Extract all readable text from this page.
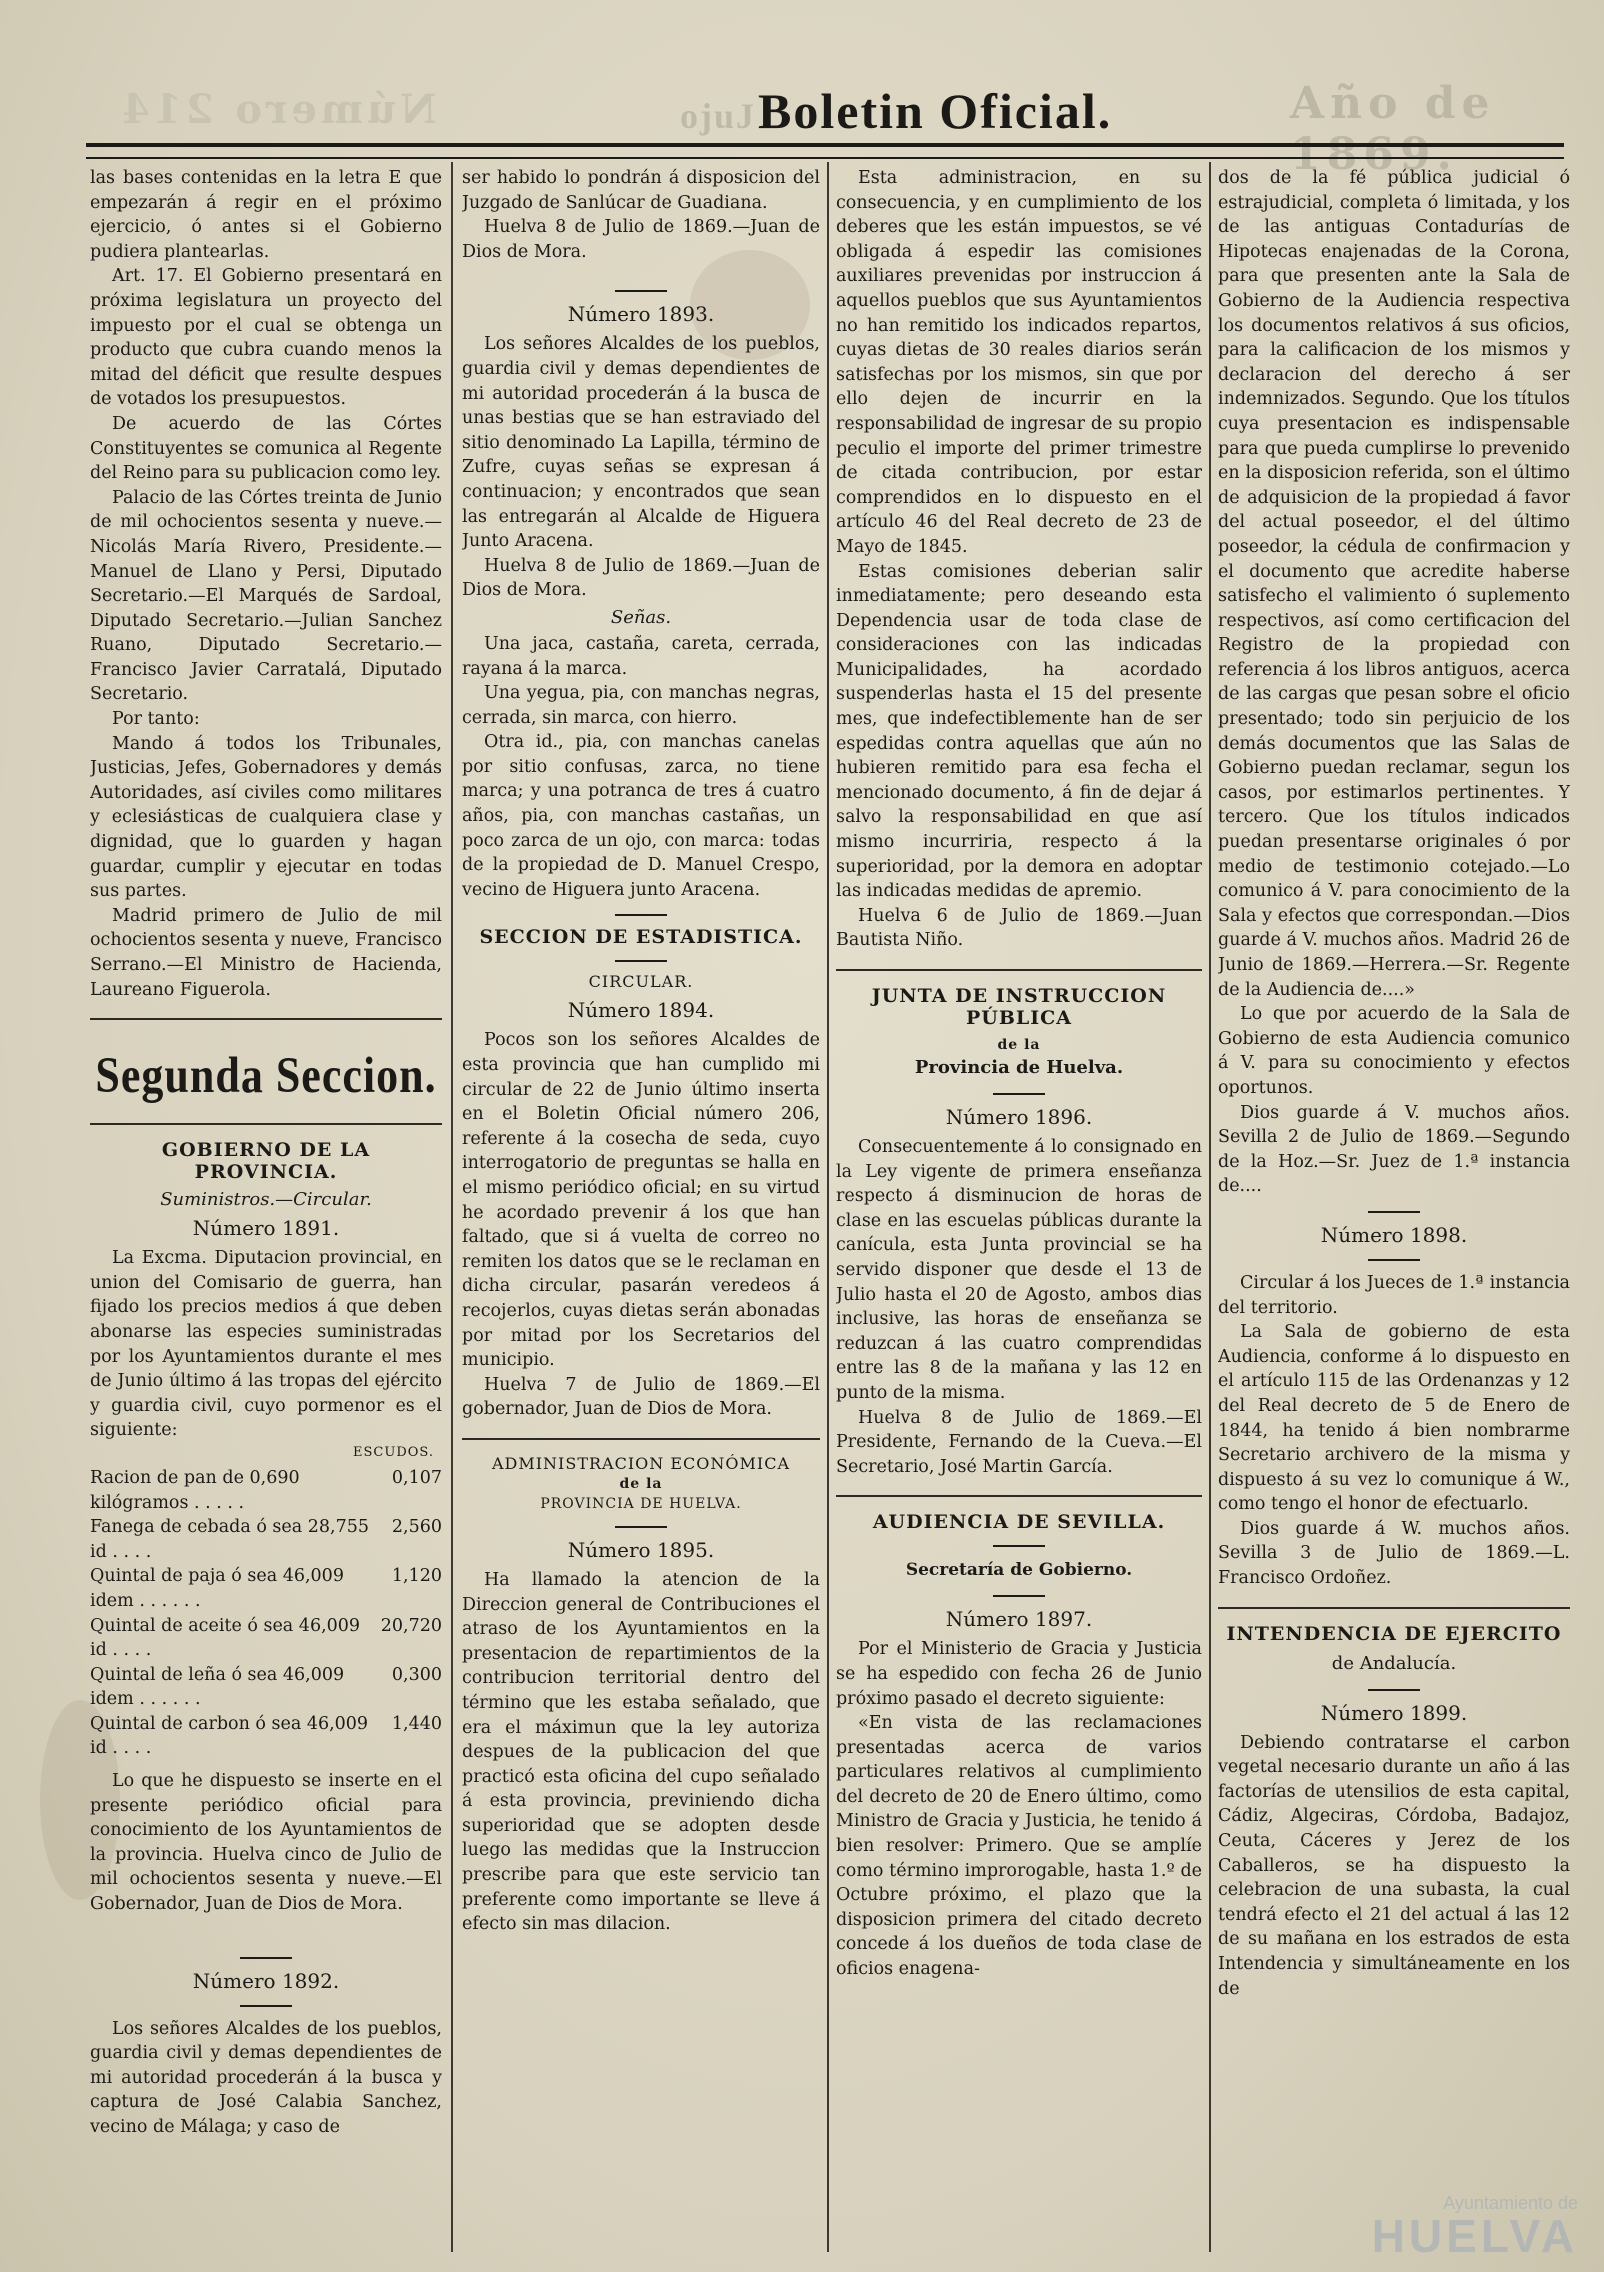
Número 214	ojuJBoletin Oficial.	Año de 1869.

las bases contenidas en la letra E que empezarán á regir en el próximo ejercicio, ó antes si el Gobierno pudiera plantearlas.

Art. 17. El Gobierno presentará en próxima legislatura un proyecto del impuesto por el cual se obtenga un producto que cubra cuando menos la mitad del déficit que resulte despues de votados los presupuestos.

De acuerdo de las Córtes Constituyentes se comunica al Regente del Reino para su publicacion como ley.

Palacio de las Córtes treinta de Junio de mil ochocientos sesenta y nueve.—Nicolás María Rivero, Presidente.—Manuel de Llano y Persi, Diputado Secretario.—El Marqués de Sardoal, Diputado Secretario.—Julian Sanchez Ruano, Diputado Secretario.—Francisco Javier Carratalá, Diputado Secretario.

Por tanto:

Mando á todos los Tribunales, Justicias, Jefes, Gobernadores y demás Autoridades, así civiles como militares y eclesiásticas de cualquiera clase y dignidad, que lo guarden y hagan guardar, cumplir y ejecutar en todas sus partes.

Madrid primero de Julio de mil ochocientos sesenta y nueve, Francisco Serrano.—El Ministro de Hacienda, Laureano Figuerola.

Segunda Seccion.
GOBIERNO DE LA PROVINCIA.
Suministros.—Circular.
Número 1891.

La Excma. Diputacion provincial, en union del Comisario de guerra, han fijado los precios medios á que deben abonarse las especies suministradas por los Ayuntamientos durante el mes de Junio último á las tropas del ejército y guardia civil, cuyo pormenor es el siguiente:

ESCUDOS.
Racion de pan de 0,690 kilógramos . . . . .	0,107
Fanega de cebada ó sea 28,755 id . . . .	2,560
Quintal de paja ó sea 46,009 idem . . . . . .	1,120
Quintal de aceite ó sea 46,009 id . . . .	20,720
Quintal de leña ó sea 46,009 idem . . . . . .	0,300
Quintal de carbon ó sea 46,009 id . . . .	1,440

Lo que he dispuesto se inserte en el presente periódico oficial para conocimiento de los Ayuntamientos de la provincia. Huelva cinco de Julio de mil ochocientos sesenta y nueve.—El Gobernador, Juan de Dios de Mora.

Número 1892.

Los señores Alcaldes de los pueblos, guardia civil y demas dependientes de mi autoridad procederán á la busca y captura de José Calabia Sanchez, vecino de Málaga; y caso de

ser habido lo pondrán á disposicion del Juzgado de Sanlúcar de Guadiana.

Huelva 8 de Julio de 1869.—Juan de Dios de Mora.

Número 1893.

Los señores Alcaldes de los pueblos, guardia civil y demas dependientes de mi autoridad procederán á la busca de unas bestias que se han estraviado del sitio denominado La Lapilla, término de Zufre, cuyas señas se expresan á continuacion; y encontrados que sean las entregarán al Alcalde de Higuera Junto Aracena.

Huelva 8 de Julio de 1869.—Juan de Dios de Mora.

Señas.

Una jaca, castaña, careta, cerrada, rayana á la marca.

Una yegua, pia, con manchas negras, cerrada, sin marca, con hierro.

Otra id., pia, con manchas canelas por sitio confusas, zarca, no tiene marca; y una potranca de tres á cuatro años, pia, con manchas castañas, un poco zarca de un ojo, con marca: todas de la propiedad de D. Manuel Crespo, vecino de Higuera junto Aracena.

SECCION DE ESTADISTICA.
CIRCULAR.
Número 1894.

Pocos son los señores Alcaldes de esta provincia que han cumplido mi circular de 22 de Junio último inserta en el Boletin Oficial número 206, referente á la cosecha de seda, cuyo interrogatorio de preguntas se halla en el mismo periódico oficial; en su virtud he acordado prevenir á los que han faltado, que si á vuelta de correo no remiten los datos que se le reclaman en dicha circular, pasarán veredeos á recojerlos, cuyas dietas serán abonadas por mitad por los Secretarios del municipio.

Huelva 7 de Julio de 1869.—El gobernador, Juan de Dios de Mora.

ADMINISTRACION ECONÓMICA
de la
PROVINCIA DE HUELVA.
Número 1895.

Ha llamado la atencion de la Direccion general de Contribuciones el atraso de los Ayuntamientos en la presentacion de repartimientos de la contribucion territorial dentro del término que les estaba señalado, que era el máximun que la ley autoriza despues de la publicacion del que practicó esta oficina del cupo señalado á esta provincia, previniendo dicha superioridad que se adopten desde luego las medidas que la Instruccion prescribe para que este servicio tan preferente como importante se lleve á efecto sin mas dilacion.

Esta administracion, en su consecuencia, y en cumplimiento de los deberes que les están impuestos, se vé obligada á espedir las comisiones auxiliares prevenidas por instruccion á aquellos pueblos que sus Ayuntamientos no han remitido los indicados repartos, cuyas dietas de 30 reales diarios serán satisfechas por los mismos, sin que por ello dejen de incurrir en la responsabilidad de ingresar de su propio peculio el importe del primer trimestre de citada contribucion, por estar comprendidos en lo dispuesto en el artículo 46 del Real decreto de 23 de Mayo de 1845.

Estas comisiones deberian salir inmediatamente; pero deseando esta Dependencia usar de toda clase de consideraciones con las indicadas Municipalidades, ha acordado suspenderlas hasta el 15 del presente mes, que indefectiblemente han de ser espedidas contra aquellas que aún no hubieren remitido para esa fecha el mencionado documento, á fin de dejar á salvo la responsabilidad en que así mismo incurriria, respecto á la superioridad, por la demora en adoptar las indicadas medidas de apremio.

Huelva 6 de Julio de 1869.—Juan Bautista Niño.

JUNTA DE INSTRUCCION PÚBLICA
de la
Provincia de Huelva.
Número 1896.

Consecuentemente á lo consignado en la Ley vigente de primera enseñanza respecto á disminucion de horas de clase en las escuelas públicas durante la canícula, esta Junta provincial se ha servido disponer que desde el 13 de Julio hasta el 20 de Agosto, ambos dias inclusive, las horas de enseñanza se reduzcan á las cuatro comprendidas entre las 8 de la mañana y las 12 en punto de la misma.

Huelva 8 de Julio de 1869.—El Presidente, Fernando de la Cueva.—El Secretario, José Martin García.

AUDIENCIA DE SEVILLA.
Secretaría de Gobierno.
Número 1897.

Por el Ministerio de Gracia y Justicia se ha espedido con fecha 26 de Junio próximo pasado el decreto siguiente:

«En vista de las reclamaciones presentadas acerca de varios particulares relativos al cumplimiento del decreto de 20 de Enero último, como Ministro de Gracia y Justicia, he tenido á bien resolver: Primero. Que se amplíe como término improrogable, hasta 1.º de Octubre próximo, el plazo que la disposicion primera del citado decreto concede á los dueños de toda clase de oficios enagena-

dos de la fé pública judicial ó estrajudicial, completa ó limitada, y los de las antiguas Contadurías de Hipotecas enajenadas de la Corona, para que presenten ante la Sala de Gobierno de la Audiencia respectiva los documentos relativos á sus oficios, para la calificacion de los mismos y declaracion del derecho á ser indemnizados. Segundo. Que los títulos cuya presentacion es indispensable para que pueda cumplirse lo prevenido en la disposicion referida, son el último de adquisicion de la propiedad á favor del actual poseedor, el del último poseedor, la cédula de confirmacion y el documento que acredite haberse satisfecho el valimiento ó suplemento respectivos, así como certificacion del Registro de la propiedad con referencia á los libros antiguos, acerca de las cargas que pesan sobre el oficio presentado; todo sin perjuicio de los demás documentos que las Salas de Gobierno puedan reclamar, segun los casos, por estimarlos pertinentes. Y tercero. Que los títulos indicados puedan presentarse originales ó por medio de testimonio cotejado.—Lo comunico á V. para conocimiento de la Sala y efectos que correspondan.—Dios guarde á V. muchos años. Madrid 26 de Junio de 1869.—Herrera.—Sr. Regente de la Audiencia de....»

Lo que por acuerdo de la Sala de Gobierno de esta Audiencia comunico á V. para su conocimiento y efectos oportunos.

Dios guarde á V. muchos años. Sevilla 2 de Julio de 1869.—Segundo de la Hoz.—Sr. Juez de 1.ª instancia de....

Número 1898.

Circular á los Jueces de 1.ª instancia del territorio.

La Sala de gobierno de esta Audiencia, conforme á lo dispuesto en el artículo 115 de las Ordenanzas y 12 del Real decreto de 5 de Enero de 1844, ha tenido á bien nombrarme Secretario archivero de la misma y dispuesto á su vez lo comunique á W., como tengo el honor de efectuarlo.

Dios guarde á W. muchos años. Sevilla 3 de Julio de 1869.—L. Francisco Ordoñez.

INTENDENCIA DE EJERCITO
de Andalucía.
Número 1899.

Debiendo contratarse el carbon vegetal necesario durante un año á las factorías de utensilios de esta capital, Cádiz, Algeciras, Córdoba, Badajoz, Ceuta, Cáceres y Jerez de los Caballeros, se ha dispuesto la celebracion de una subasta, la cual tendrá efecto el 21 del actual á las 12 de su mañana en los estrados de esta Intendencia y simultáneamente en los de

Ayuntamiento de
HUELVA
